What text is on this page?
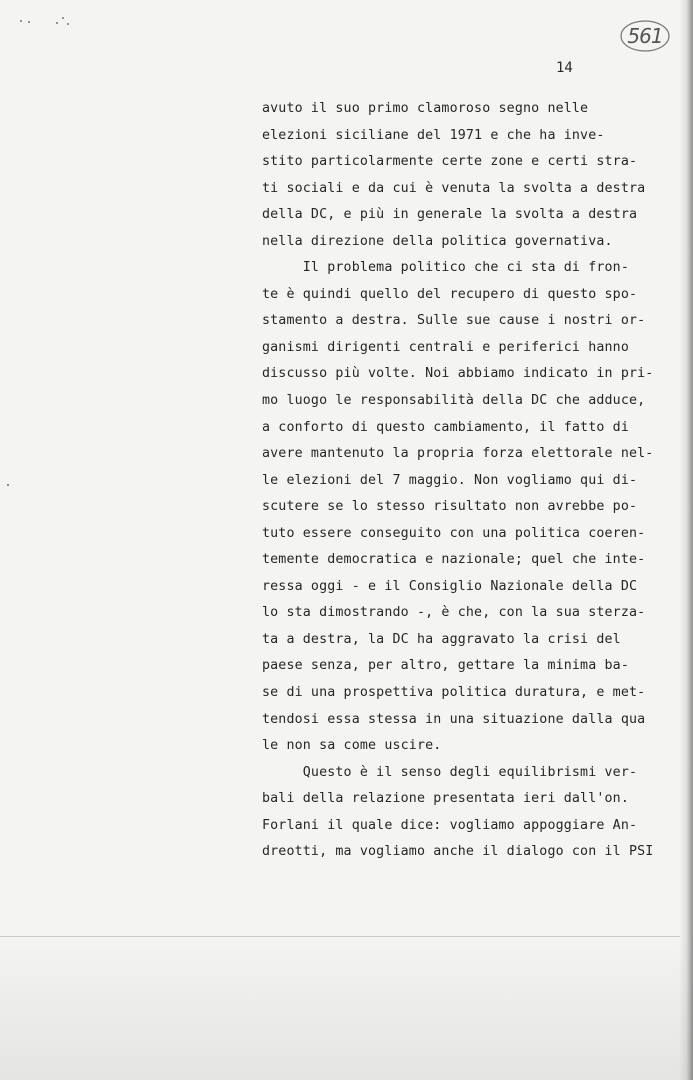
561
14
avuto il suo primo clamoroso segno nelle
elezioni siciliane del 1971 e che ha inve-
stito particolarmente certe zone e certi stra-
ti sociali e da cui è venuta la svolta a destra
della DC, e più in generale la svolta a destra
nella direzione della politica governativa.
Il problema politico che ci sta di fron-
te è quindi quello del recupero di questo spo-
stamento a destra. Sulle sue cause i nostri or-
ganismi dirigenti centrali e periferici hanno
discusso più volte. Noi abbiamo indicato in pri-
mo luogo le responsabilità della DC che adduce,
a conforto di questo cambiamento, il fatto di
avere mantenuto la propria forza elettorale nel-
le elezioni del 7 maggio. Non vogliamo qui di-
scutere se lo stesso risultato non avrebbe po-
tuto essere conseguito con una politica coeren-
temente democratica e nazionale; quel che inte-
ressa oggi - e il Consiglio Nazionale della DC
lo sta dimostrando -, è che, con la sua sterza-
ta a destra, la DC ha aggravato la crisi del
paese senza, per altro, gettare la minima ba-
se di una prospettiva politica duratura, e met-
tendosi essa stessa in una situazione dalla qua
le non sa come uscire.
Questo è il senso degli equilibrismi ver-
bali della relazione presentata ieri dall'on.
Forlani il quale dice: vogliamo appoggiare An-
dreotti, ma vogliamo anche il dialogo con il PSI
